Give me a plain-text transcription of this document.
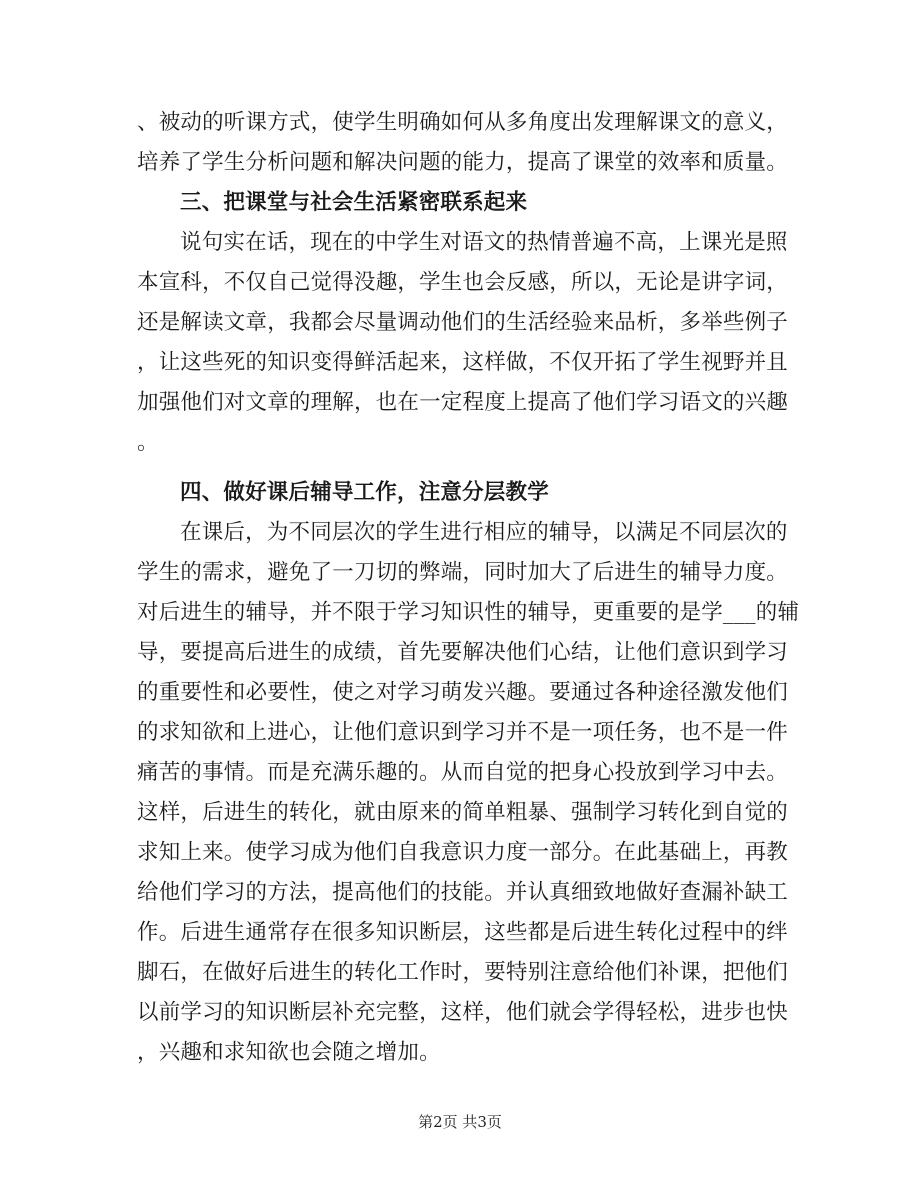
、被动的听课方式，使学生明确如何从多角度出发理解课文的意义，
培养了学生分析问题和解决问题的能力，提高了课堂的效率和质量。
三、把课堂与社会生活紧密联系起来
说句实在话，现在的中学生对语文的热情普遍不高，上课光是照
本宣科，不仅自己觉得没趣，学生也会反感，所以，无论是讲字词，
还是解读文章，我都会尽量调动他们的生活经验来品析，多举些例子
，让这些死的知识变得鲜活起来，这样做，不仅开拓了学生视野并且
加强他们对文章的理解，也在一定程度上提高了他们学习语文的兴趣
。
四、做好课后辅导工作，注意分层教学
在课后，为不同层次的学生进行相应的辅导，以满足不同层次的
学生的需求，避免了一刀切的弊端，同时加大了后进生的辅导力度。
对后进生的辅导，并不限于学习知识性的辅导，更重要的是学___的辅
导，要提高后进生的成绩，首先要解决他们心结，让他们意识到学习
的重要性和必要性，使之对学习萌发兴趣。要通过各种途径激发他们
的求知欲和上进心，让他们意识到学习并不是一项任务，也不是一件
痛苦的事情。而是充满乐趣的。从而自觉的把身心投放到学习中去。
这样，后进生的转化，就由原来的简单粗暴、强制学习转化到自觉的
求知上来。使学习成为他们自我意识力度一部分。在此基础上，再教
给他们学习的方法，提高他们的技能。并认真细致地做好查漏补缺工
作。后进生通常存在很多知识断层，这些都是后进生转化过程中的绊
脚石，在做好后进生的转化工作时，要特别注意给他们补课，把他们
以前学习的知识断层补充完整，这样，他们就会学得轻松，进步也快
，兴趣和求知欲也会随之增加。
第2页 共3页
